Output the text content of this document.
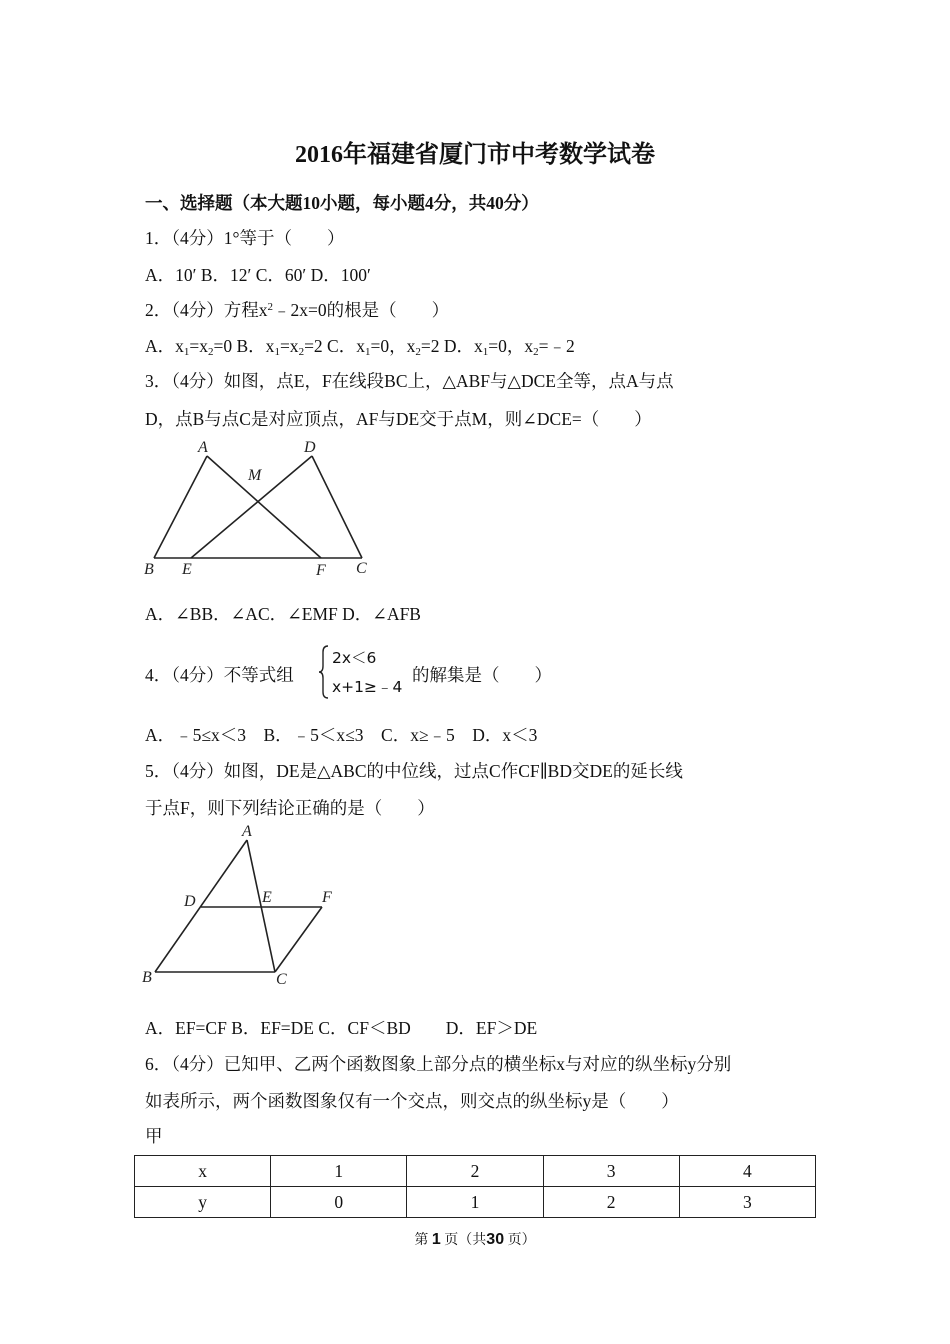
2016年福建省厦门市中考数学试卷
一、选择题（本大题10小题，每小题4分，共40分）
1．（4分）1°等于（　　）
A．10′ B．12′ C．60′ D．100′
2．（4分）方程$x^2﹣2x=0$的根是（　　）
A．$x_1=x_2=0$ B．$x_1=x_2=2$ C．$x_1=0$，$x_2=2$ D．$x_1=0$，$x_2=﹣2$
3．（4分）如图，点E，F在线段BC上，△ABF与△DCE全等，点A与点
D，点B与点C是对应顶点，AF与DE交于点M，则∠DCE=（　　）
A	D
M
B E	F C
A．∠BB．∠AC．∠EMF D．∠AFB
4．（4分）不等式组
2x＜6
x+1≥﹣4
的解集是（　　）
A．﹣5≤x＜3　B．﹣5＜x≤3　C．x≥﹣5　D．x＜3
5．（4分）如图，DE是△ABC的中位线，过点C作CF∥BD交DE的延长线
于点F，则下列结论正确的是（　　）
A
D	E	F
B	C
A．EF=CF B．EF=DE C．CF＜BD　　D．EF＞DE
6．（4分）已知甲、乙两个函数图象上部分点的横坐标x与对应的纵坐标y分别
如表所示，两个函数图象仅有一个交点，则交点的纵坐标y是（　　）
甲
x	1	2	3	4
y	0	1	2	3
第 1 页（共30 页）
